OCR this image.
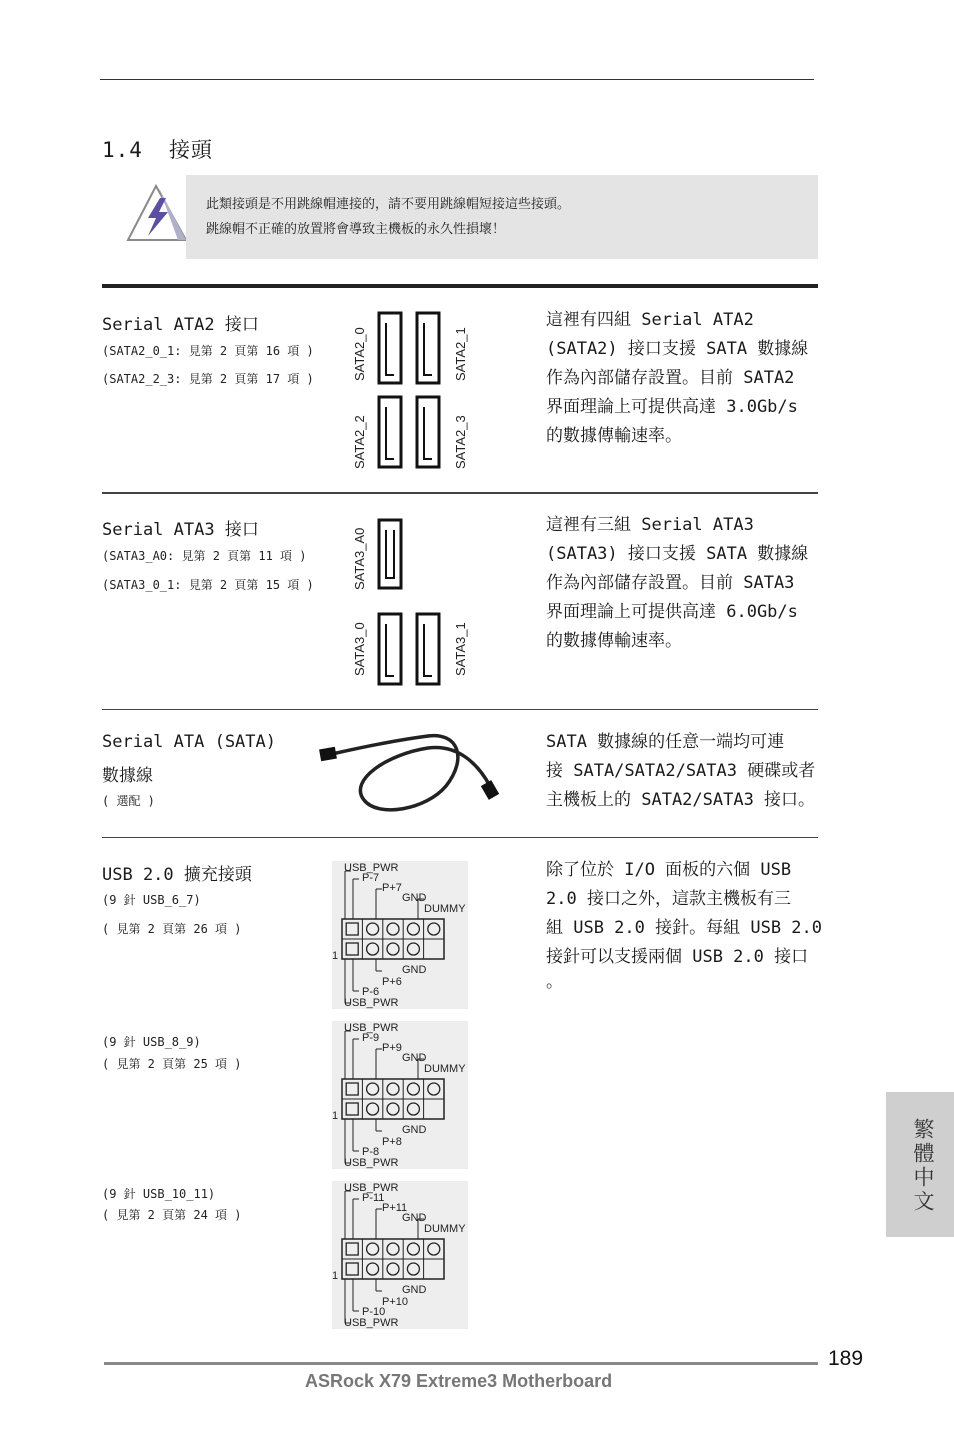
1.4 接頭
此類接頭是不用跳線帽連接的，請不要用跳線帽短接這些接頭。
跳線帽不正確的放置將會導致主機板的永久性損壞！
Serial ATA2 接口
(SATA2_0_1: 見第 2 頁第 16 項 )
(SATA2_2_3: 見第 2 頁第 17 項 )	SATA2_0	SATA2_1
SATA2_2	SATA2_3
這裡有四組 Serial ATA2
(SATA2) 接口支援 SATA 數據線
作為內部儲存設置。目前 SATA2
界面理論上可提供高達 3.0Gb/s
的數據傳輸速率。
Serial ATA3 接口
(SATA3_A0: 見第 2 頁第 11 項 )
(SATA3_0_1: 見第 2 頁第 15 項 )	SATA3_A0
SATA3_0	SATA3_1
這裡有三組 Serial ATA3
(SATA3) 接口支援 SATA 數據線
作為內部儲存設置。目前 SATA3
界面理論上可提供高達 6.0Gb/s
的數據傳輸速率。
Serial ATA (SATA)
數據線
( 選配 )
SATA 數據線的任意一端均可連
接 SATA/SATA2/SATA3 硬碟或者
主機板上的 SATA2/SATA3 接口。
USB 2.0 擴充接頭
(9 針 USB_6_7)
( 見第 2 頁第 26 項 )
(9 針 USB_8_9)
( 見第 2 頁第 25 項 )
(9 針 USB_10_11)
( 見第 2 頁第 24 項 )
USB_PWR
P-7
P+7
GND
DUMMY
1
GND
P+6
P-6
USB_PWR
USB_PWR
P-9
P+9
GND
DUMMY
1
GND
P+8
P-8
USB_PWR
USB_PWR
P-11
P+11
GND
DUMMY
1
GND
P+10
P-10
USB_PWR
除了位於 I/O 面板的六個 USB
2.0 接口之外，這款主機板有三
組 USB 2.0 接針。每組 USB 2.0
接針可以支援兩個 USB 2.0 接口
。
繁體中文
189
ASRock X79 Extreme3 Motherboard
